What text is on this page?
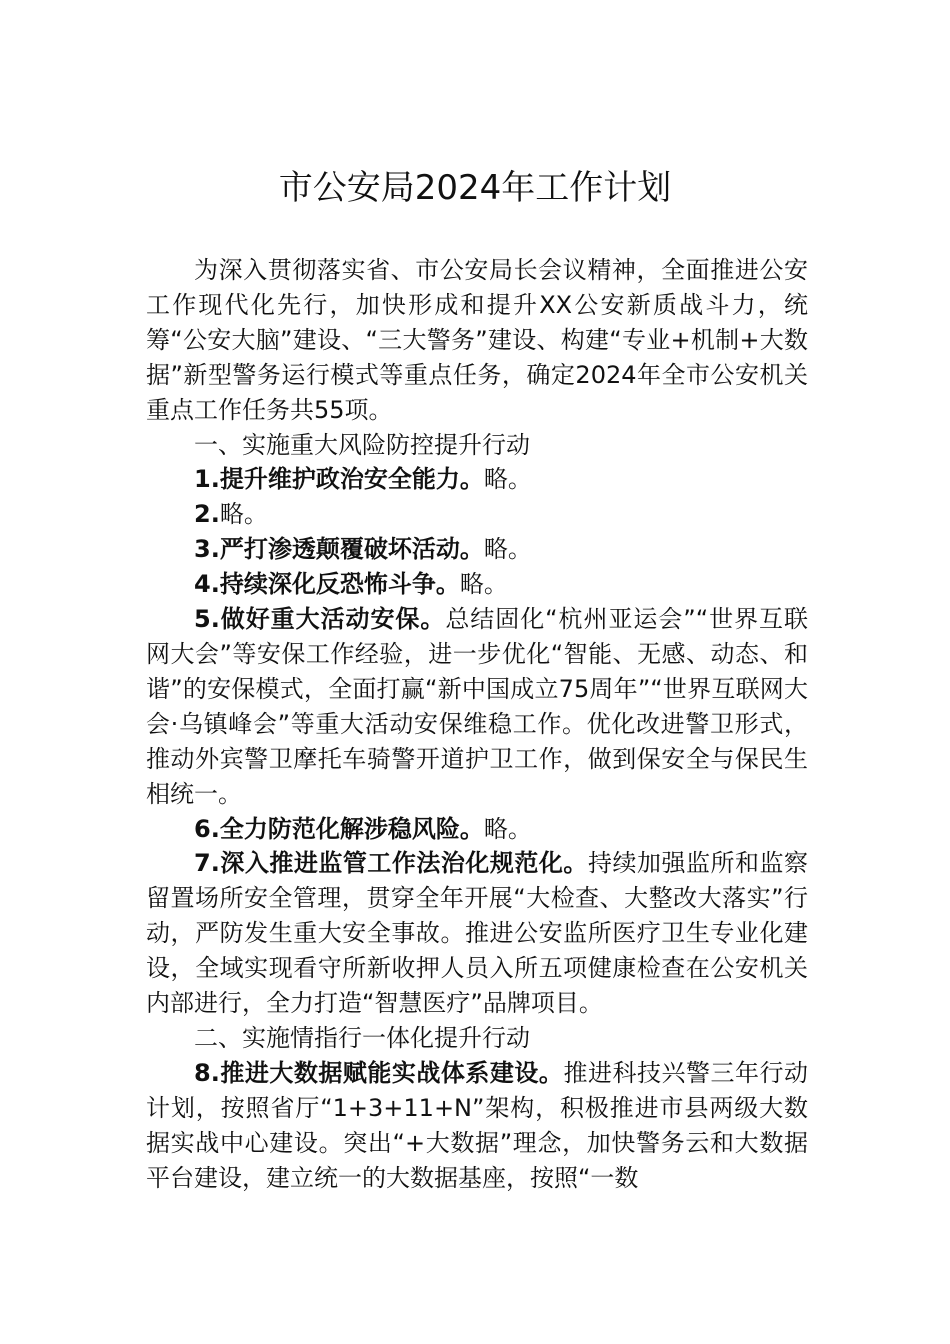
市公安局2024年工作计划

为深入贯彻落实省、市公安局长会议精神，全面推进公安工作现代化先行，加快形成和提升XX公安新质战斗力，统筹“公安大脑”建设、“三大警务”建设、构建“专业+机制+大数据”新型警务运行模式等重点任务，确定2024年全市公安机关重点工作任务共55项。

一、实施重大风险防控提升行动

1.提升维护政治安全能力。略。

2.略。

3.严打渗透颠覆破坏活动。略。

4.持续深化反恐怖斗争。略。

5.做好重大活动安保。总结固化“杭州亚运会”“世界互联网大会”等安保工作经验，进一步优化“智能、无感、动态、和谐”的安保模式，全面打赢“新中国成立75周年”“世界互联网大会·乌镇峰会”等重大活动安保维稳工作。优化改进警卫形式，推动外宾警卫摩托车骑警开道护卫工作，做到保安全与保民生相统一。

6.全力防范化解涉稳风险。略。

7.深入推进监管工作法治化规范化。持续加强监所和监察留置场所安全管理，贯穿全年开展“大检查、大整改大落实”行动，严防发生重大安全事故。推进公安监所医疗卫生专业化建设，全域实现看守所新收押人员入所五项健康检查在公安机关内部进行，全力打造“智慧医疗”品牌项目。

二、实施情指行一体化提升行动

8.推进大数据赋能实战体系建设。推进科技兴警三年行动计划，按照省厅“1+3+11+N”架构，积极推进市县两级大数据实战中心建设。突出“+大数据”理念，加快警务云和大数据平台建设，建立统一的大数据基座，按照“一数
